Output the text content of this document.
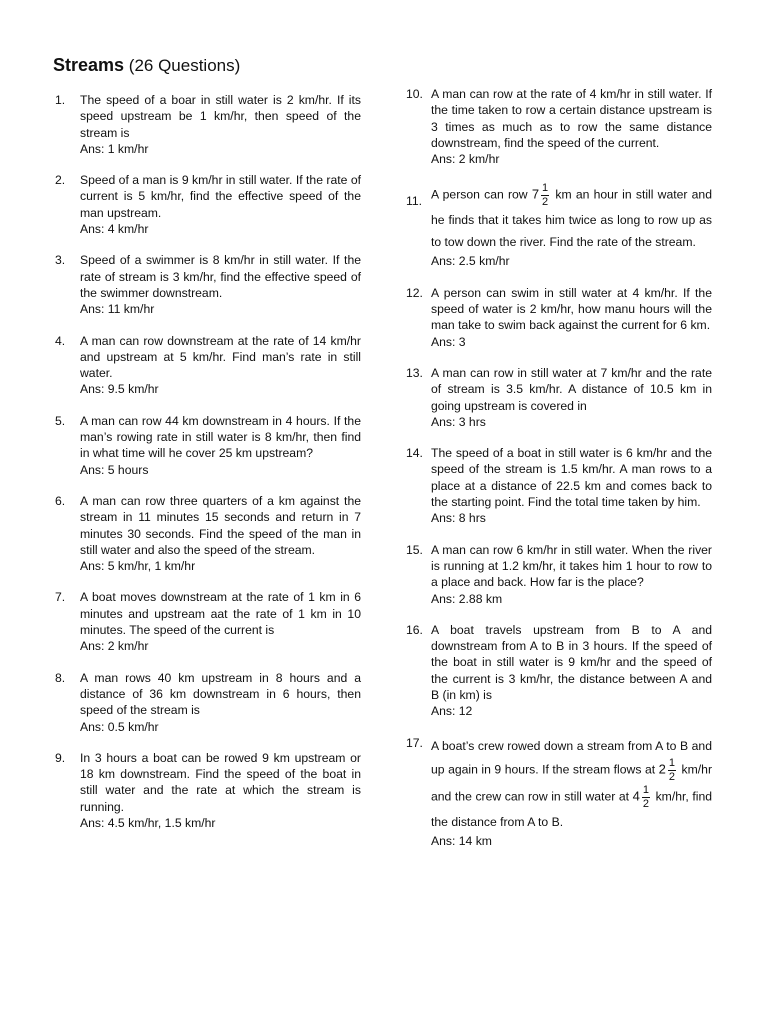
Streams (26 Questions)
1. The speed of a boar in still water is 2 km/hr. If its speed upstream be 1 km/hr, then speed of the stream is
Ans: 1 km/hr
2. Speed of a man is 9 km/hr in still water. If the rate of current is 5 km/hr, find the effective speed of the man upstream.
Ans: 4 km/hr
3. Speed of a swimmer is 8 km/hr in still water. If the rate of stream is 3 km/hr, find the effective speed of the swimmer downstream.
Ans: 11 km/hr
4. A man can row downstream at the rate of 14 km/hr and upstream at 5 km/hr. Find man’s rate in still water.
Ans: 9.5 km/hr
5. A man can row 44 km downstream in 4 hours. If the man’s rowing rate in still water is 8 km/hr, then find in what time will he cover 25 km upstream?
Ans: 5 hours
6. A man can row three quarters of a km against the stream in 11 minutes 15 seconds and return in 7 minutes 30 seconds. Find the speed of the man in still water and also the speed of the stream.
Ans: 5 km/hr, 1 km/hr
7. A boat moves downstream at the rate of 1 km in 6 minutes and upstream aat the rate of 1 km in 10 minutes. The speed of the current is
Ans: 2 km/hr
8. A man rows 40 km upstream in 8 hours and a distance of 36 km downstream in 6 hours, then speed of the stream is
Ans: 0.5 km/hr
9. In 3 hours a boat can be rowed 9 km upstream or 18 km downstream. Find the speed of the boat in still water and the rate at which the stream is running.
Ans: 4.5 km/hr, 1.5 km/hr
10. A man can row at the rate of 4 km/hr in still water. If the time taken to row a certain distance upstream is 3 times as much as to row the same distance downstream, find the speed of the current.
Ans: 2 km/hr
11. A person can row $7 \frac{1}{2}$ km an hour in still water and he finds that it takes him twice as long to row up as to tow down the river. Find the rate of the stream.
Ans: 2.5 km/hr
12. A person can swim in still water at 4 km/hr. If the speed of water is 2 km/hr, how manu hours will the man take to swim back against the current for 6 km.
Ans: 3
13. A man can row in still water at 7 km/hr and the rate of stream is 3.5 km/hr. A distance of 10.5 km in going upstream is covered in
Ans: 3 hrs
14. The speed of a boat in still water is 6 km/hr and the speed of the stream is 1.5 km/hr. A man rows to a place at a distance of 22.5 km and comes back to the starting point. Find the total time taken by him.
Ans: 8 hrs
15. A man can row 6 km/hr in still water. When the river is running at 1.2 km/hr, it takes him 1 hour to row to a place and back. How far is the place?
Ans: 2.88 km
16. A boat travels upstream from B to A and downstream from A to B in 3 hours. If the speed of the boat in still water is 9 km/hr and the speed of the current is 3 km/hr, the distance between A and B (in km) is
Ans: 12
17. A boat’s crew rowed down a stream from A to B and up again in 9 hours. If the stream flows at $2 \frac{1}{2} km/hr$ and the crew can row in still water at $4 \frac{1}{2} km/hr$, find the distance from A to B.
Ans: 14 km
